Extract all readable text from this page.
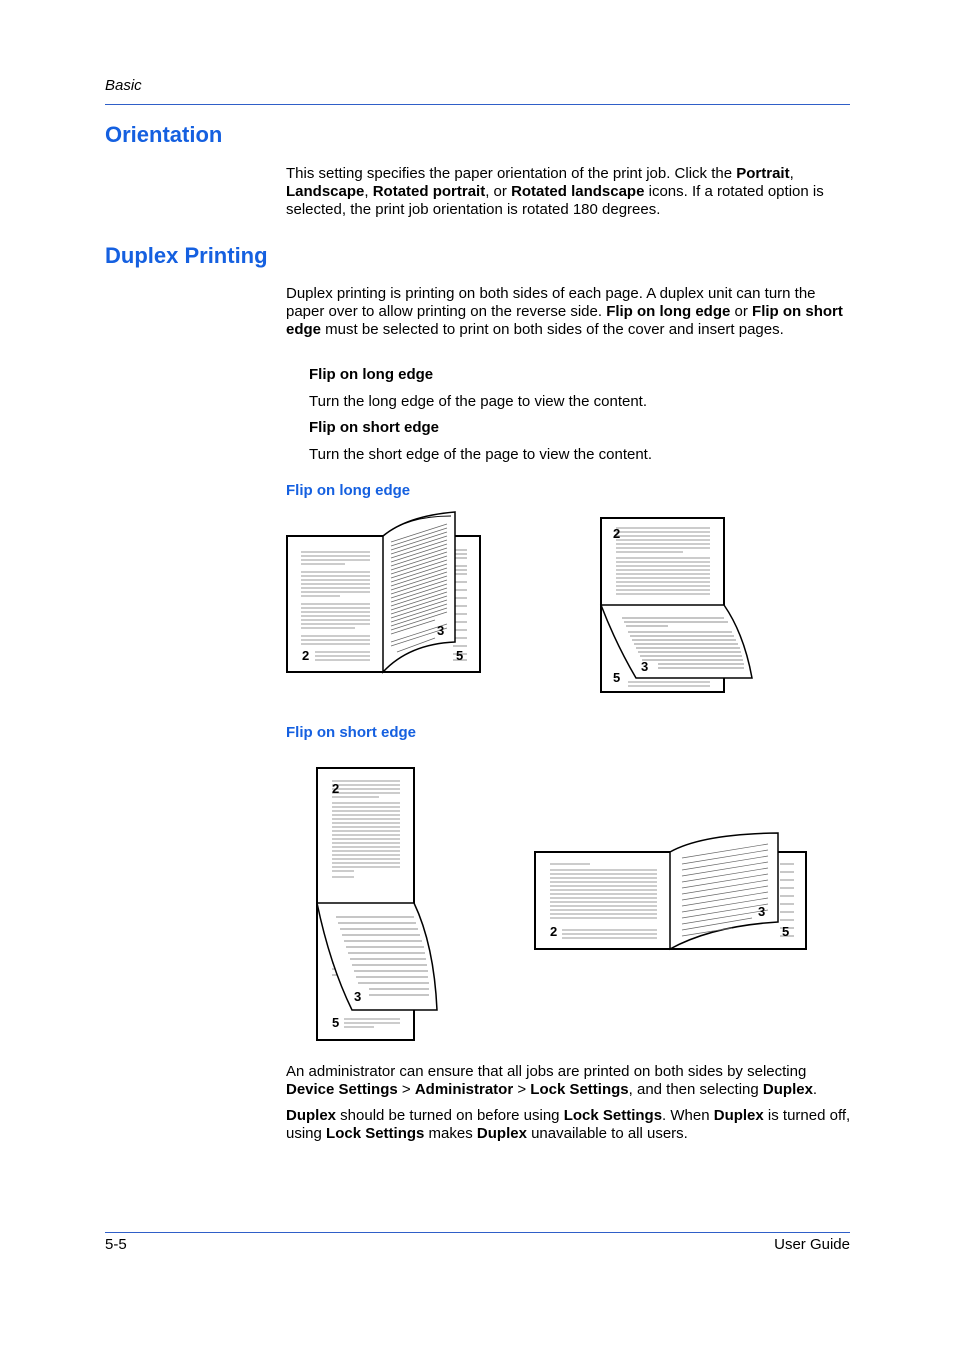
Basic
Orientation
This setting specifies the paper orientation of the print job. Click the Portrait, Landscape, Rotated portrait, or Rotated landscape icons. If a rotated option is selected, the print job orientation is rotated 180 degrees.
Duplex Printing
Duplex printing is printing on both sides of each page. A duplex unit can turn the paper over to allow printing on the reverse side. Flip on long edge or Flip on short edge must be selected to print on both sides of the cover and insert pages.
Flip on long edge
Turn the long edge of the page to view the content.
Flip on short edge
Turn the short edge of the page to view the content.
Flip on long edge
2
3
5
2
3
5
Flip on short edge
2
3
5
2
3
5
An administrator can ensure that all jobs are printed on both sides by selecting Device Settings > Administrator > Lock Settings, and then selecting Duplex.
Duplex should be turned on before using Lock Settings. When Duplex is turned off, using Lock Settings makes Duplex unavailable to all users.
5-5	User Guide
